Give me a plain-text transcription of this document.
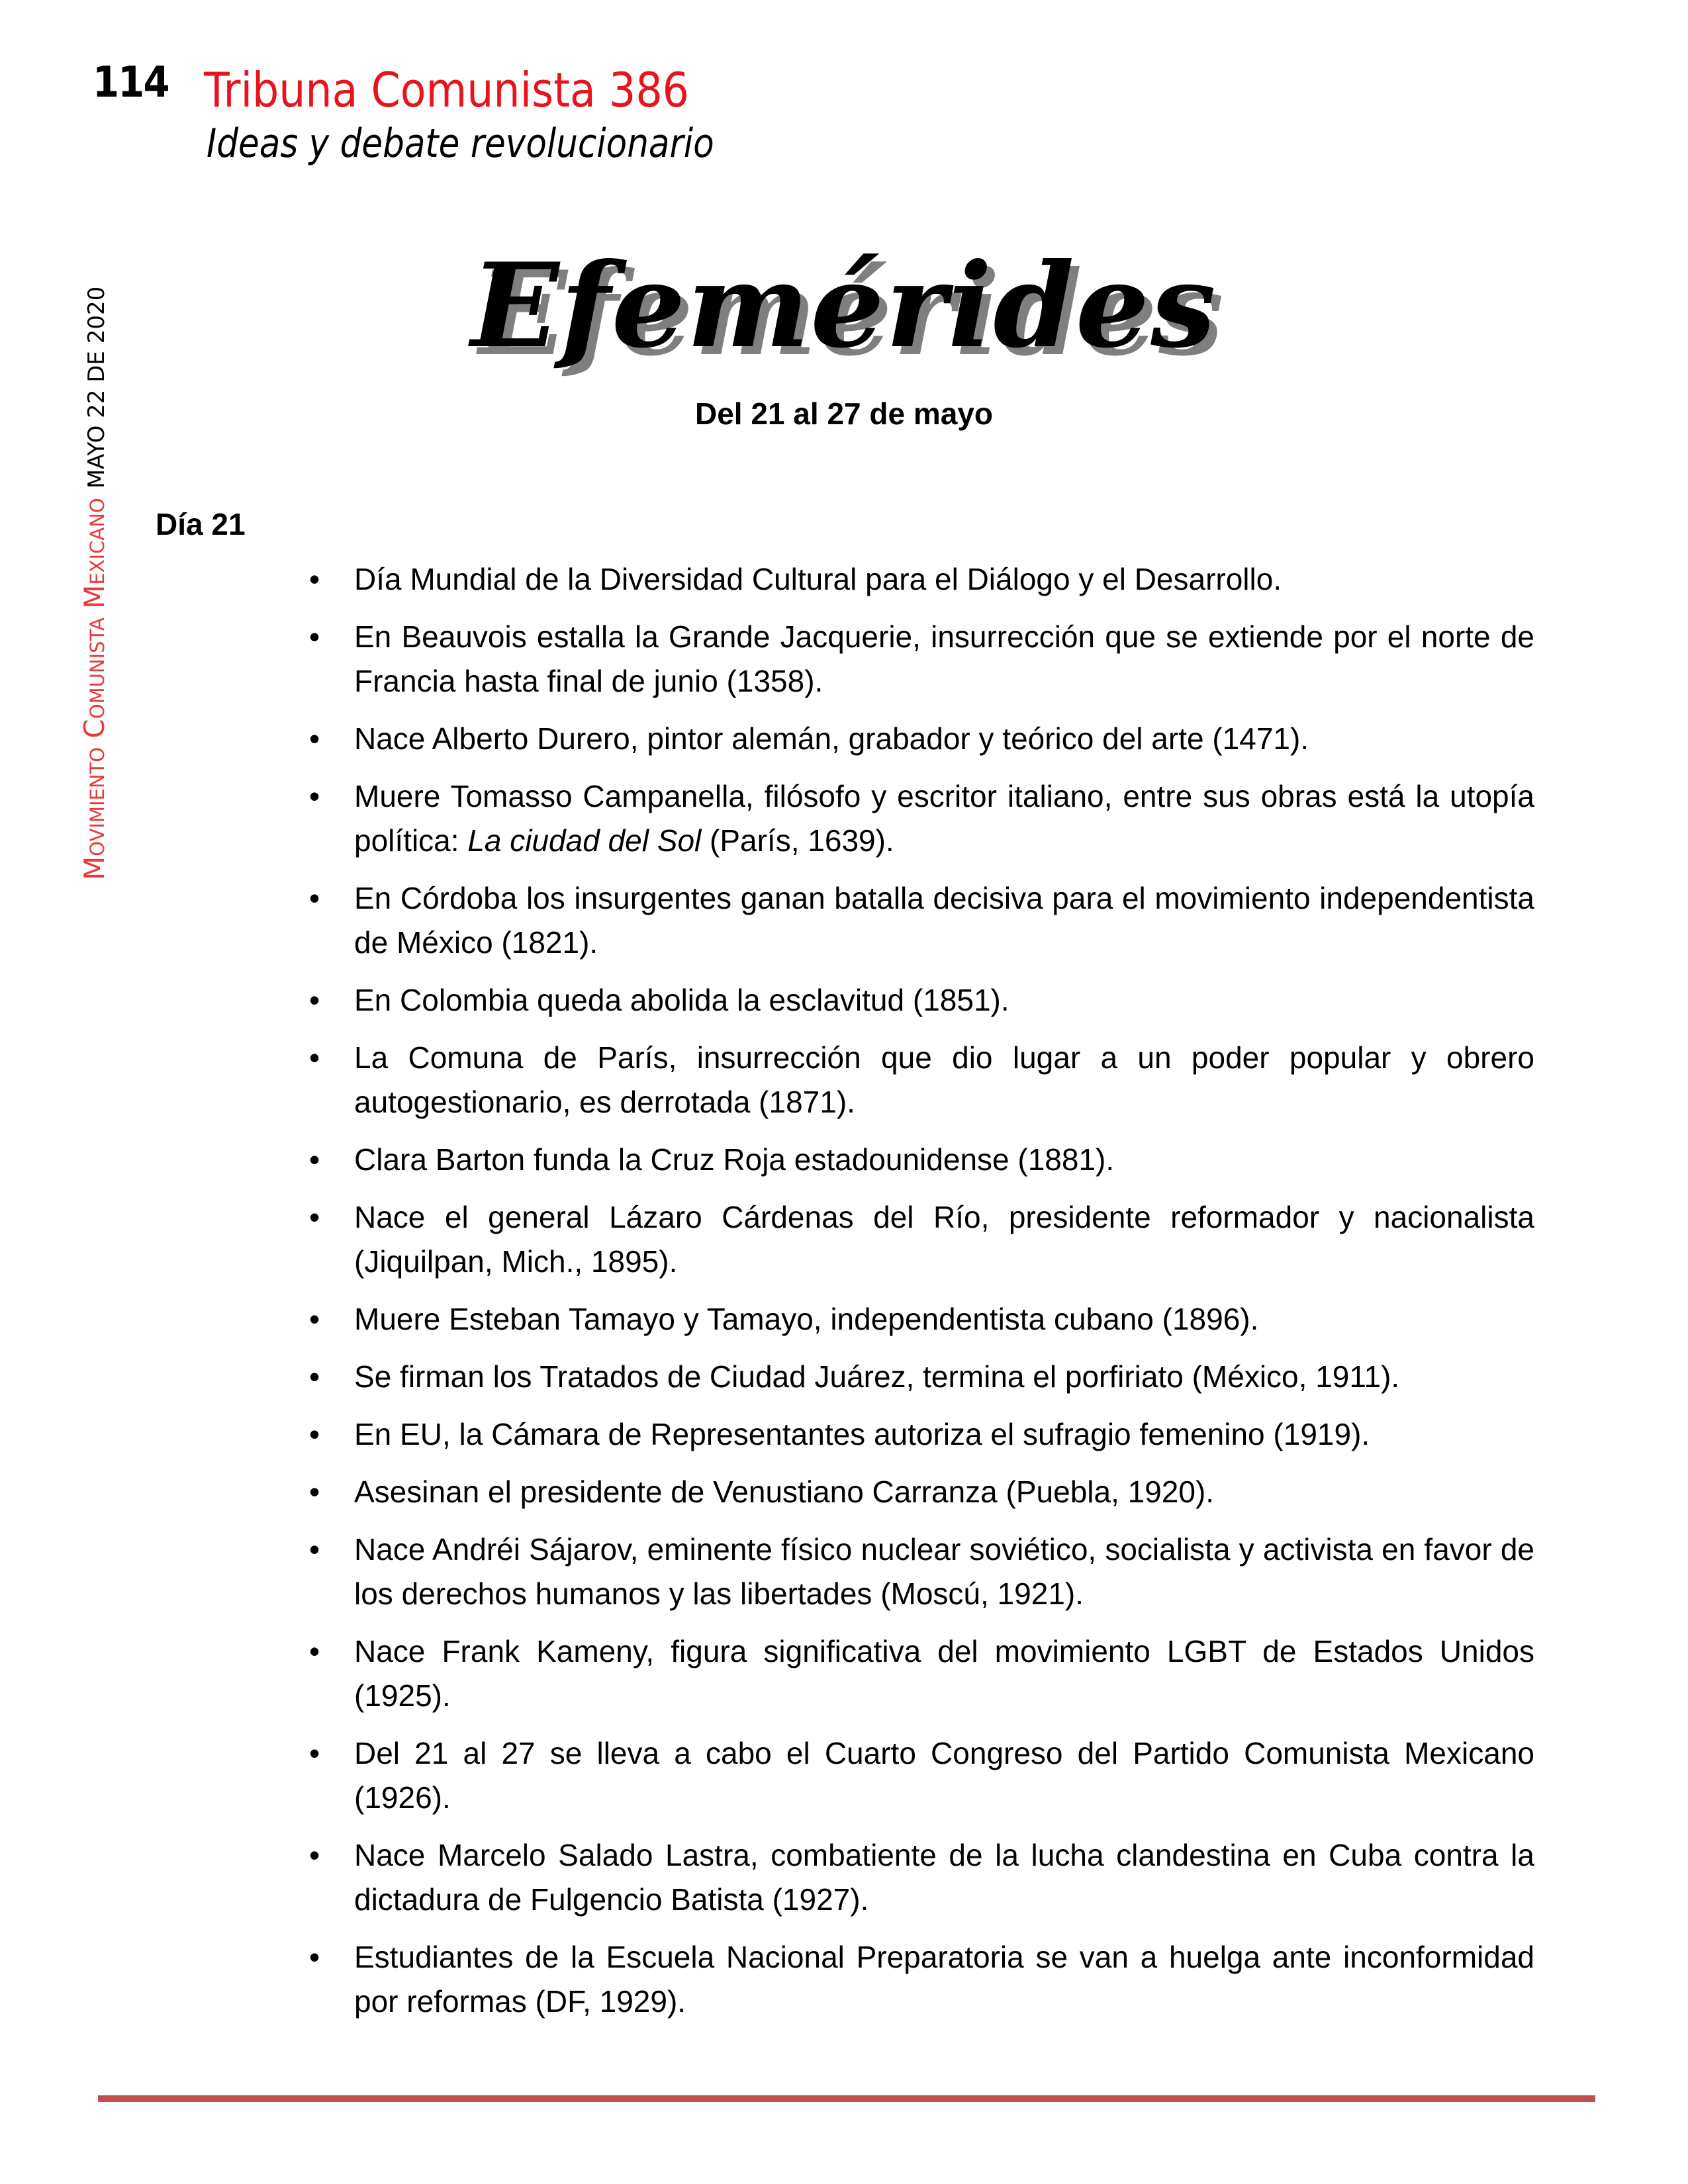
114 Tribuna Comunista 386
Ideas y debate revolucionario
Movimiento Comunista MexicanoMAYO 22 DE 2020	Efemérides
Del 21 al 27 de mayo
Día 21
• Día Mundial de la Diversidad Cultural para el Diálogo y el Desarrollo.
• En Beauvois estalla la Grande Jacquerie, insurrección que se extiende por el norte de Francia hasta final de junio (1358).
• Nace Alberto Durero, pintor alemán, grabador y teórico del arte (1471).
• Muere Tomasso Campanella, filósofo y escritor italiano, entre sus obras está la utopía política: La ciudad del Sol (París, 1639).
• En Córdoba los insurgentes ganan batalla decisiva para el movimiento independentista de México (1821).
• En Colombia queda abolida la esclavitud (1851).
• La Comuna de París, insurrección que dio lugar a un poder popular y obrero autogestionario, es derrotada (1871).
• Clara Barton funda la Cruz Roja estadounidense (1881).
• Nace el general Lázaro Cárdenas del Río, presidente reformador y nacionalista (Jiquilpan, Mich., 1895).
• Muere Esteban Tamayo y Tamayo, independentista cubano (1896).
• Se firman los Tratados de Ciudad Juárez, termina el porfiriato (México, 1911).
• En EU, la Cámara de Representantes autoriza el sufragio femenino (1919).
• Asesinan el presidente de Venustiano Carranza (Puebla, 1920).
• Nace Andréi Sájarov, eminente físico nuclear soviético, socialista y activista en favor de los derechos humanos y las libertades (Moscú, 1921).
• Nace Frank Kameny, figura significativa del movimiento LGBT de Estados Unidos (1925).
• Del 21 al 27 se lleva a cabo el Cuarto Congreso del Partido Comunista Mexicano (1926).
• Nace Marcelo Salado Lastra, combatiente de la lucha clandestina en Cuba contra la dictadura de Fulgencio Batista (1927).
• Estudiantes de la Escuela Nacional Preparatoria se van a huelga ante inconformidad por reformas (DF, 1929).
